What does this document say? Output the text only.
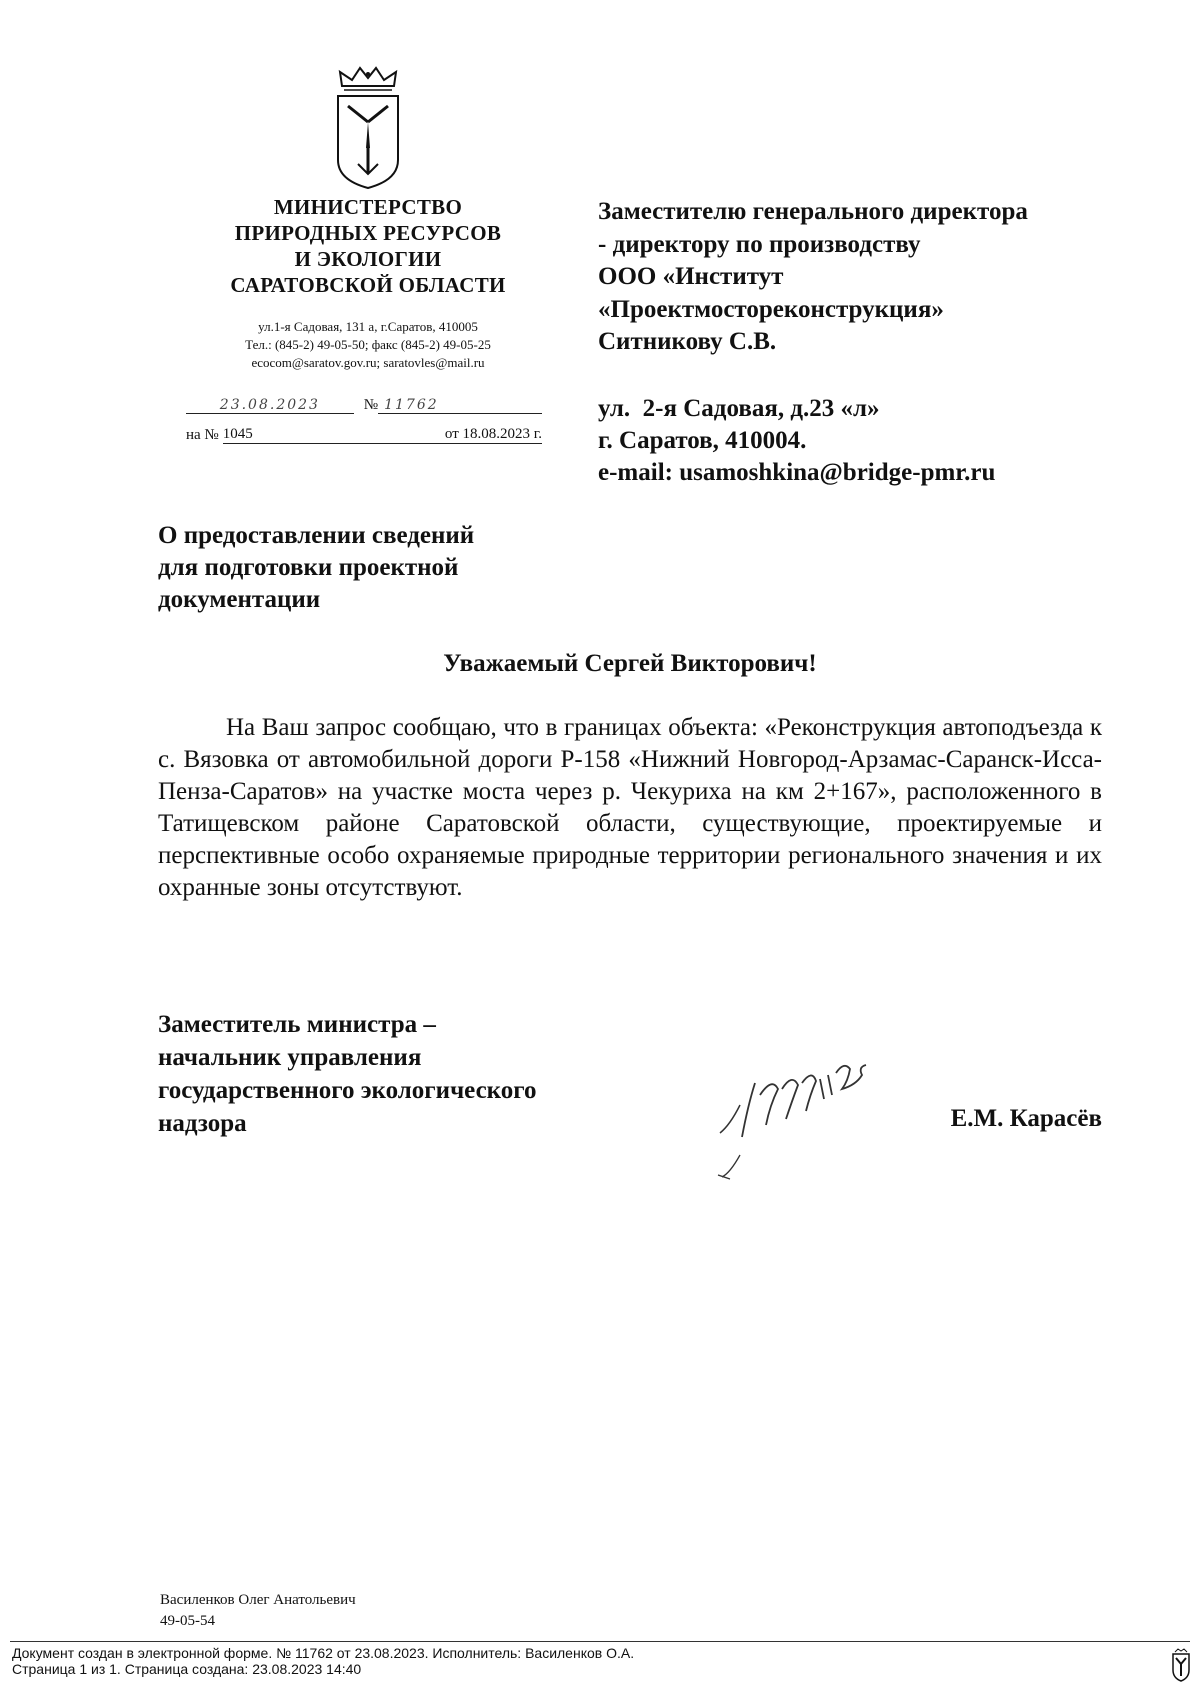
МИНИСТЕРСТВО
ПРИРОДНЫХ РЕСУРСОВ
И ЭКОЛОГИИ
САРАТОВСКОЙ ОБЛАСТИ
ул.1-я Садовая, 131 а, г.Саратов, 410005
Тел.: (845-2) 49-05-50; факс (845-2) 49-05-25
ecocom@saratov.gov.ru; saratovles@mail.ru
23.08.2023	№ 11762
на № 1045	от 18.08.2023 г.
Заместителю генерального директора
- директору по производству
ООО «Институт
«Проектмостореконструкция»
Ситникову С.В.
ул.  2-я Садовая, д.23 «л»
г. Саратов, 410004.
e-mail: usamoshkina@bridge-pmr.ru
О предоставлении сведений
для подготовки проектной
документации
Уважаемый Сергей Викторович!
На Ваш запрос сообщаю, что в границах объекта: «Реконструкция автоподъезда к с. Вязовка от автомобильной дороги Р-158 «Нижний Новгород-Арзамас-Саранск-Исса-Пенза-Саратов» на участке моста через р. Чекуриха на км 2+167», расположенного в Татищевском районе Саратовской области, существующие, проектируемые и перспективные особо охраняемые природные территории регионального значения и их охранные зоны отсутствуют.
Заместитель министра –
начальник управления
государственного экологического
надзора	Е.М. Карасёв
Василенков Олег Анатольевич
49-05-54
Документ создан в электронной форме. № 11762 от 23.08.2023. Исполнитель: Василенков О.А.
Страница 1 из 1. Страница создана: 23.08.2023 14:40
